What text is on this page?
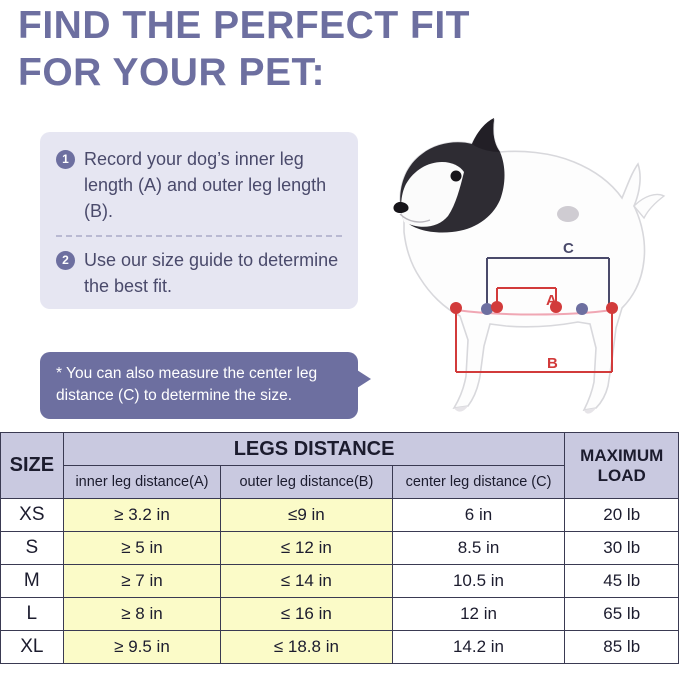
FIND THE PERFECT FIT
FOR YOUR PET:
1 Record your dog’s inner leg length (A) and outer leg length (B).
2 Use our size guide to determine the best fit.
* You can also measure the center leg distance (C) to determine the size.
A
B
C
SIZE	LEGS DISTANCE			MAXIMUM LOAD
	inner leg distance(A)	outer leg distance(B)	center leg distance (C)	
XS	≥ 3.2 in	≤9 in	6 in	20 lb
S	≥ 5 in	≤ 12 in	8.5 in	30 lb
M	≥ 7 in	≤ 14 in	10.5 in	45 lb
L	≥ 8 in	≤ 16 in	12 in	65 lb
XL	≥ 9.5 in	≤ 18.8 in	14.2 in	85 lb
